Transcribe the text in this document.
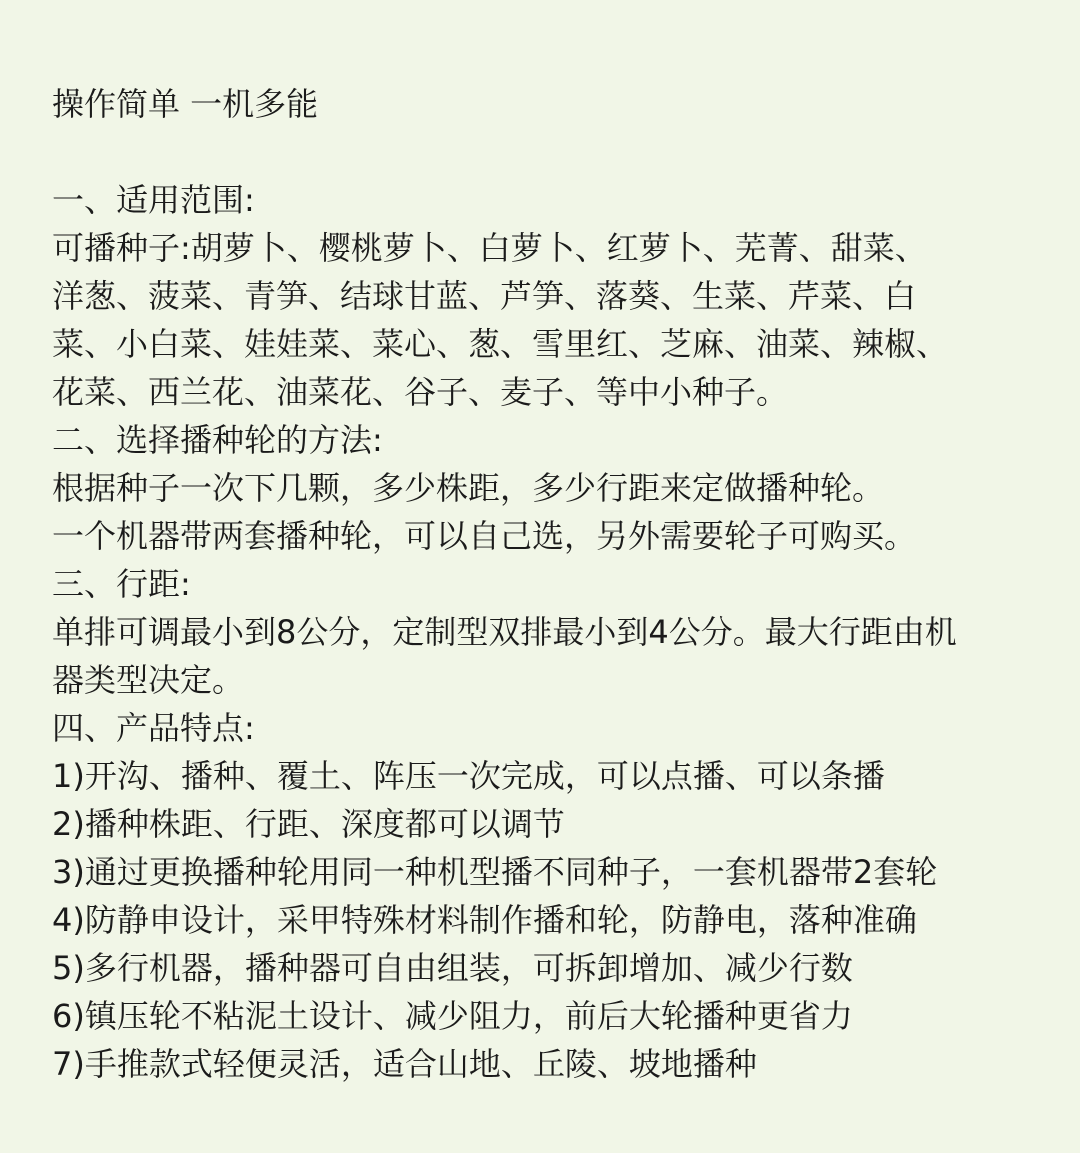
操作简单 一机多能

一、适用范围:

可播种子:胡萝卜、樱桃萝卜、白萝卜、红萝卜、芜菁、甜菜、

洋葱、菠菜、青笋、结球甘蓝、芦笋、落葵、生菜、芹菜、白

菜、小白菜、娃娃菜、菜心、葱、雪里红、芝麻、油菜、辣椒、

花菜、西兰花、油菜花、谷子、麦子、等中小种子。

二、选择播种轮的方法:

根据种子一次下几颗，多少株距，多少行距来定做播种轮。

一个机器带两套播种轮，可以自己选，另外需要轮子可购买。

三、行距:

单排可调最小到8公分，定制型双排最小到4公分。最大行距由机

器类型决定。

四、产品特点:

1)开沟、播种、覆土、阵压一次完成，可以点播、可以条播

2)播种株距、行距、深度都可以调节

3)通过更换播种轮用同一种机型播不同种子，一套机器带2套轮

4)防静申设计，采甲特殊材料制作播和轮，防静电，落种准确

5)多行机器，播种器可自由组装，可拆卸增加、减少行数

6)镇压轮不粘泥土设计、减少阻力，前后大轮播种更省力

7)手推款式轻便灵活，适合山地、丘陵、坡地播种
